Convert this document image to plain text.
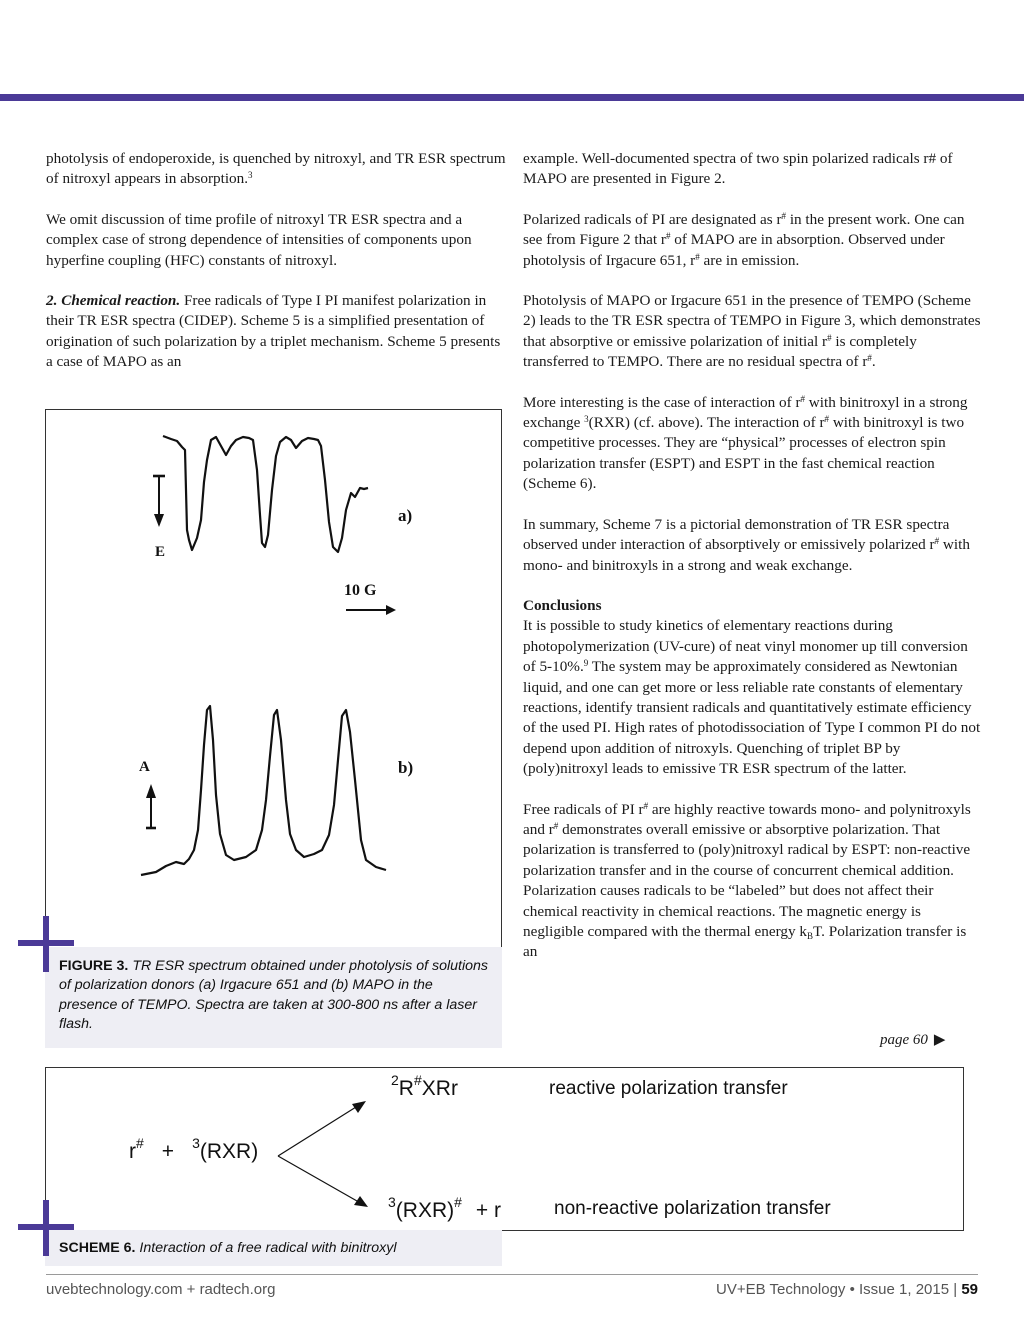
photolysis of endoperoxide, is quenched by nitroxyl, and TR ESR spectrum of nitroxyl appears in absorption.$^3$

We omit discussion of time profile of nitroxyl TR ESR spectra and a complex case of strong dependence of intensities of components upon hyperfine coupling (HFC) constants of nitroxyl.

2. Chemical reaction. Free radicals of Type I PI manifest polarization in their TR ESR spectra (CIDEP). Scheme 5 is a simplified presentation of origination of such polarization by a triplet mechanism. Scheme 5 presents a case of MAPO as an

a)
b)
E
A
10 G
FIGURE 3. TR ESR spectrum obtained under photolysis of solutions of polarization donors (a) Irgacure 651 and (b) MAPO in the presence of TEMPO. Spectra are taken at 300-800 ns after a laser flash.

example. Well-documented spectra of two spin polarized radicals r# of MAPO are presented in Figure 2.

Polarized radicals of PI are designated as r# in the present work. One can see from Figure 2 that r# of MAPO are in absorption. Observed under photolysis of Irgacure 651, r# are in emission.

Photolysis of MAPO or Irgacure 651 in the presence of TEMPO (Scheme 2) leads to the TR ESR spectra of TEMPO in Figure 3, which demonstrates that absorptive or emissive polarization of initial r# is completely transferred to TEMPO. There are no residual spectra of r#.

More interesting is the case of interaction of r# with binitroxyl in a strong exchange $^3$(RXR) (cf. above). The interaction of r# with binitroxyl is two competitive processes. They are “physical” processes of electron spin polarization transfer (ESPT) and ESPT in the fast chemical reaction (Scheme 6).

In summary, Scheme 7 is a pictorial demonstration of TR ESR spectra observed under interaction of absorptively or emissively polarized r# with mono- and binitroxyls in a strong and weak exchange.

Conclusions
It is possible to study kinetics of elementary reactions during photopolymerization (UV-cure) of neat vinyl monomer up till conversion of 5-10%.$^9$ The system may be approximately considered as Newtonian liquid, and one can get more or less reliable rate constants of elementary reactions, identify transient radicals and quantitatively estimate efficiency of the used PI. High rates of photodissociation of Type I common PI do not depend upon addition of nitroxyls. Quenching of triplet BP by (poly)nitroxyl leads to emissive TR ESR spectrum of the latter.

Free radicals of PI r# are highly reactive towards mono- and polynitroxyls and r# demonstrates overall emissive or absorptive polarization. That polarization is transferred to (poly)nitroxyl radical by ESPT: non-reactive polarization transfer and in the course of concurrent chemical addition. Polarization causes radicals to be “labeled” but does not affect their chemical reactivity in chemical reactions. The magnetic energy is negligible compared with the thermal energy $k_BT$. Polarization transfer is an

page 60 ▶
r# + $^3$(RXR)
$^2$R#XRr	reactive polarization transfer
$^3$(RXR)# + r	non-reactive polarization transfer
SCHEME 6. Interaction of a free radical with binitroxyl
uvebtechnology.com + radtech.org	UV+EB Technology • Issue 1, 2015 | 59
